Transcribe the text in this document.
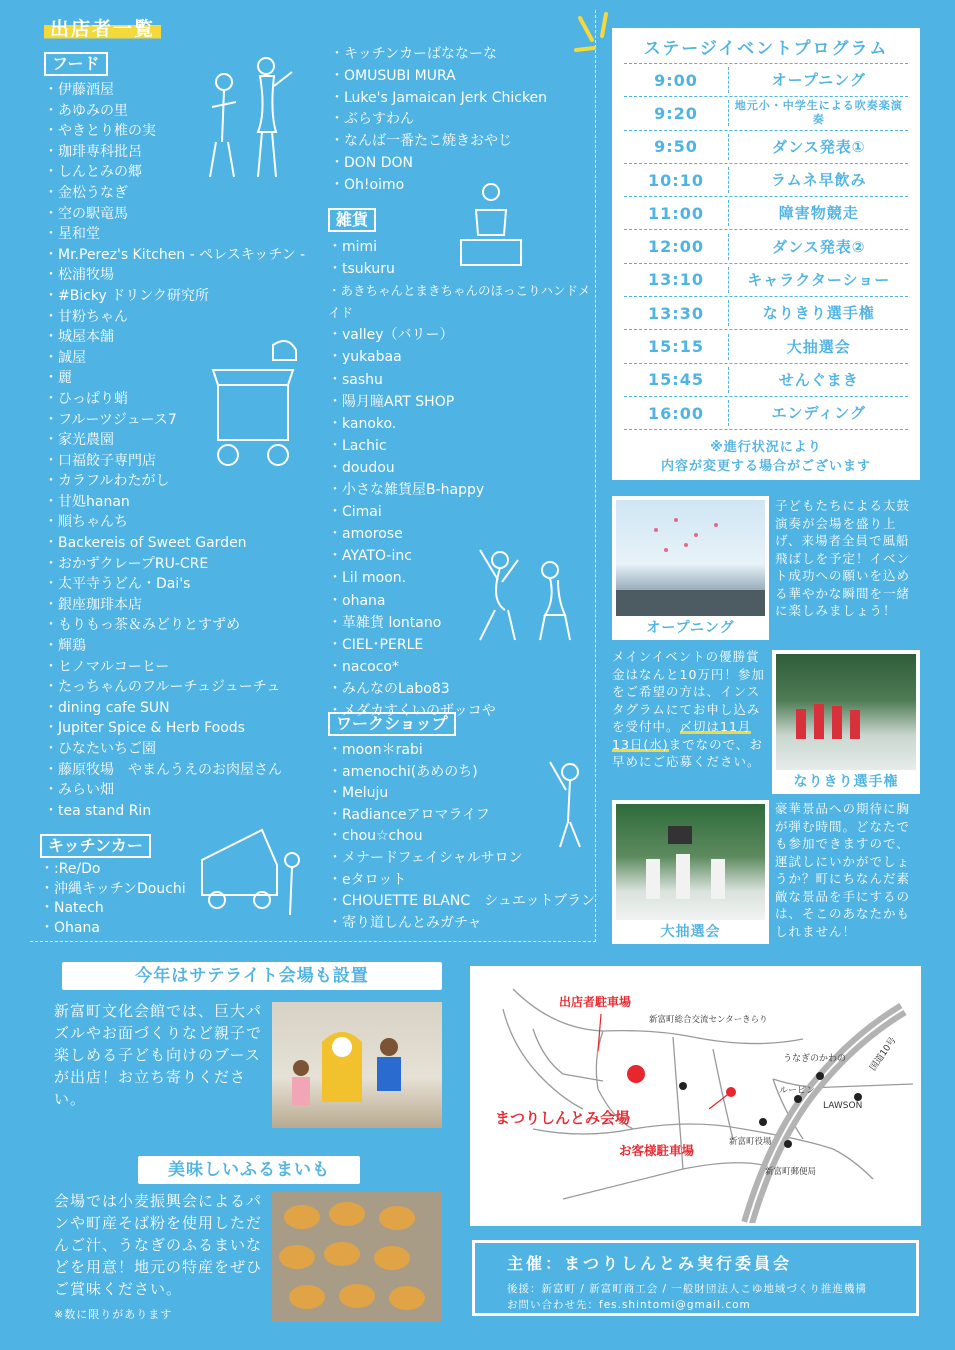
出店者一覧
フード
・ 伊藤酒屋
・ あゆみの里
・ やきとり椎の実
・ 珈琲専科批呂
・ しんとみの郷
・ 金松うなぎ
・ 空の駅竜馬
・ 星和堂
・ Mr.Perez's Kitchen - ペレスキッチン -
・ 松浦牧場
・ #Bicky ドリンク研究所
・ 甘粉ちゃん
・ 城屋本舗
・ 誠屋
・ 麗
・ ひっぱり蛸
・ フルーツジュース7
・ 家光農園
・ 口福餃子専門店
・ カラフルわたがし
・ 甘処hanan
・ 順ちゃんち
・ Backereis of Sweet Garden
・ おかずクレープRU-CRE
・ 太平寺うどん・Dai's
・ 銀座珈琲本店
・ もりもっ茶＆みどりとすずめ
・ 輝鶏
・ ヒノマルコーヒー
・ たっちゃんのフルーチュジューチュ
・ dining cafe SUN
・ Jupiter Spice & Herb Foods
・ ひなたいちご園
・ 藤原牧場　やまんうえのお肉屋さん
・ みらい畑
・ tea stand Rin
キッチンカー
・ :Re/Do
・ 沖縄キッチンDouchi
・ Natech
・ Ohana
・ キッチンカーばななーな
・ OMUSUBI MURA
・ Luke's Jamaican Jerk Chicken
・ ぶらすわん
・ なんば一番たこ焼きおやじ
・ DON DON
・ Oh!oimo
雑貨
・ mimi
・ tsukuru
・ あきちゃんとまきちゃんのほっこりハンドメイド
・ valley（バリー）
・ yukabaa
・ sashu
・ 陽月瞳ART SHOP
・ kanoko.
・ Lachic
・ doudou
・ 小さな雑貨屋B-happy
・ Cimai
・ amorose
・ AYATO-inc
・ Lil moon.
・ ohana
・ 革雑貨 lontano
・ CIEL･PERLE
・ nacoco*
・ みんなのLabo83
・ メダカすくいのザッコや
ワークショップ
・ moon＊rabi
・ amenochi(あめのち)
・ Meluju
・ Radianceアロマライフ
・ chou☆chou
・ メナードフェイシャルサロン
・ eタロット
・ CHOUETTE BLANC　シュエットブラン
・ 寄り道しんとみガチャ
ステージイベントプログラム
9:00	オープニング
9:20	地元小・中学生による吹奏楽演奏
9:50	ダンス発表①
10:10	ラムネ早飲み
11:00	障害物競走
12:00	ダンス発表②
13:10	キャラクターショー
13:30	なりきり選手権
15:15	大抽選会
15:45	せんぐまき
16:00	エンディング
※進行状況により
内容が変更する場合がございます
オープニング
子どもたちによる太鼓演奏が会場を盛り上げ、来場者全員で風船飛ばしを予定！イベント成功への願いを込める華やかな瞬間を一緒に楽しみましょう！
メインイベントの優勝賞金はなんと10万円！参加をご希望の方は、インスタグラムにてお申し込みを受付中。〆切は11月13日(水)までなので、お早めにご応募ください。
なりきり選手権
大抽選会
豪華景品への期待に胸が弾む時間。どなたでも参加できますので、運試しにいかがでしょうか？町にちなんだ素敵な景品を手にするのは、そこのあなたかもしれません！
今年はサテライト会場も設置
新富町文化会館では、巨大パズルやお面づくりなど親子で楽しめる子ども向けのブースが出店！お立ち寄りください。
美味しいふるまいも
会場では小麦振興会によるパンや町産そば粉を使用しただんご汁、うなぎのふるまいなどを用意！地元の特産をぜひご賞味ください。
※数に限りがあります
出店者駐車場
新富町総合交流センターきらり
まつりしんとみ会場
お客様駐車場
うなぎのかわの 国道10号
ルーピン
LAWSON
新富町役場
新富町郵便局
主催：まつりしんとみ実行委員会
後援：新富町 / 新富町商工会 / 一般財団法人こゆ地域づくり推進機構
お問い合わせ先：fes.shintomi@gmail.com
